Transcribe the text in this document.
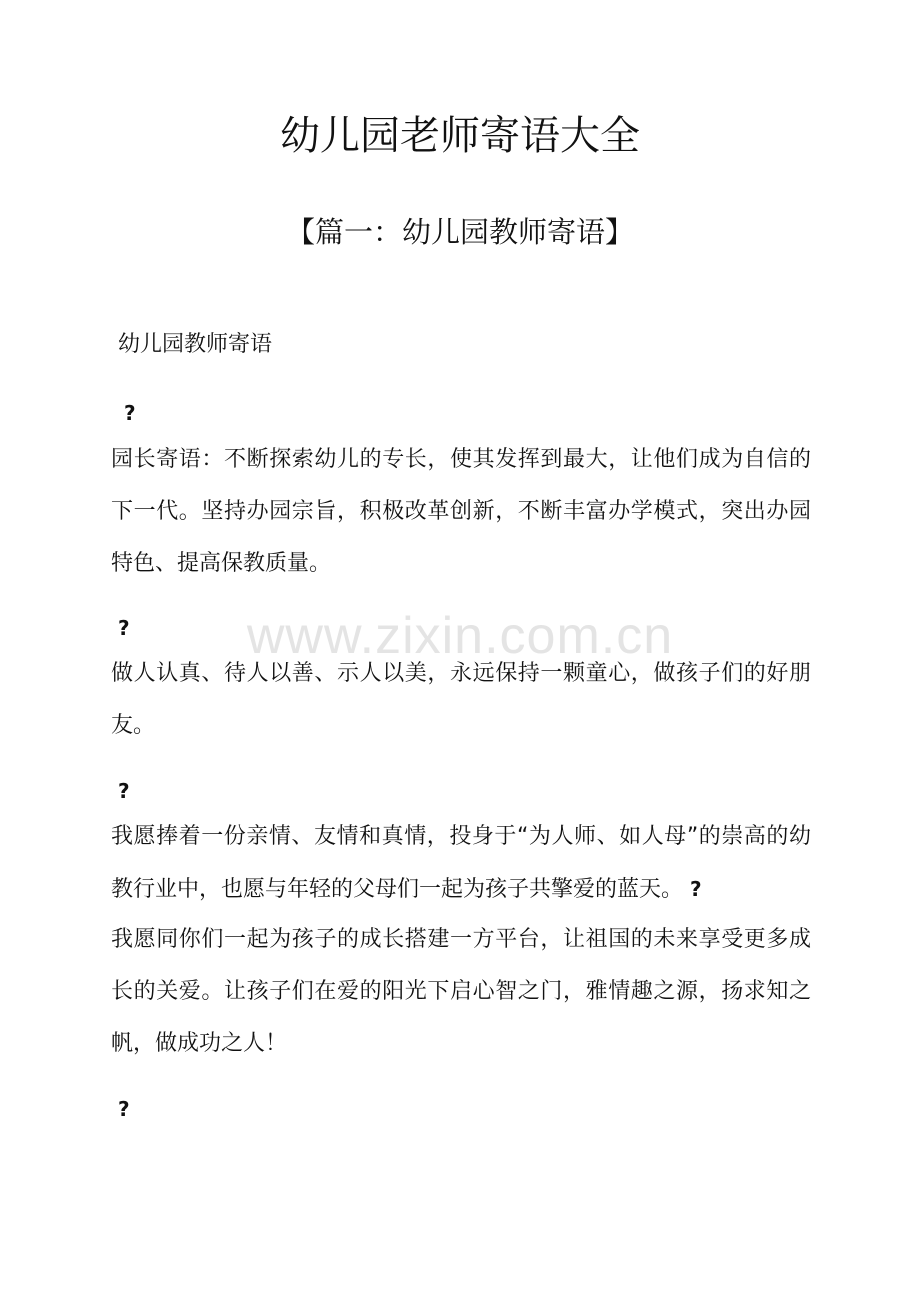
www.zixin.com.cn
幼儿园老师寄语大全
【篇一：幼儿园教师寄语】
幼儿园教师寄语
?

园长寄语：不断探索幼儿的专长，使其发挥到最大，让他们成为自信的下一代。坚持办园宗旨，积极改革创新，不断丰富办学模式，突出办园特色、提高保教质量。

?

做人认真、待人以善、示人以美，永远保持一颗童心，做孩子们的好朋友。

?

我愿捧着一份亲情、友情和真情，投身于“为人师、如人母”的崇高的幼教行业中，也愿与年轻的父母们一起为孩子共擎爱的蓝天。 ?

我愿同你们一起为孩子的成长搭建一方平台，让祖国的未来享受更多成长的关爱。让孩子们在爱的阳光下启心智之门，雅情趣之源，扬求知之帆，做成功之人！

?
